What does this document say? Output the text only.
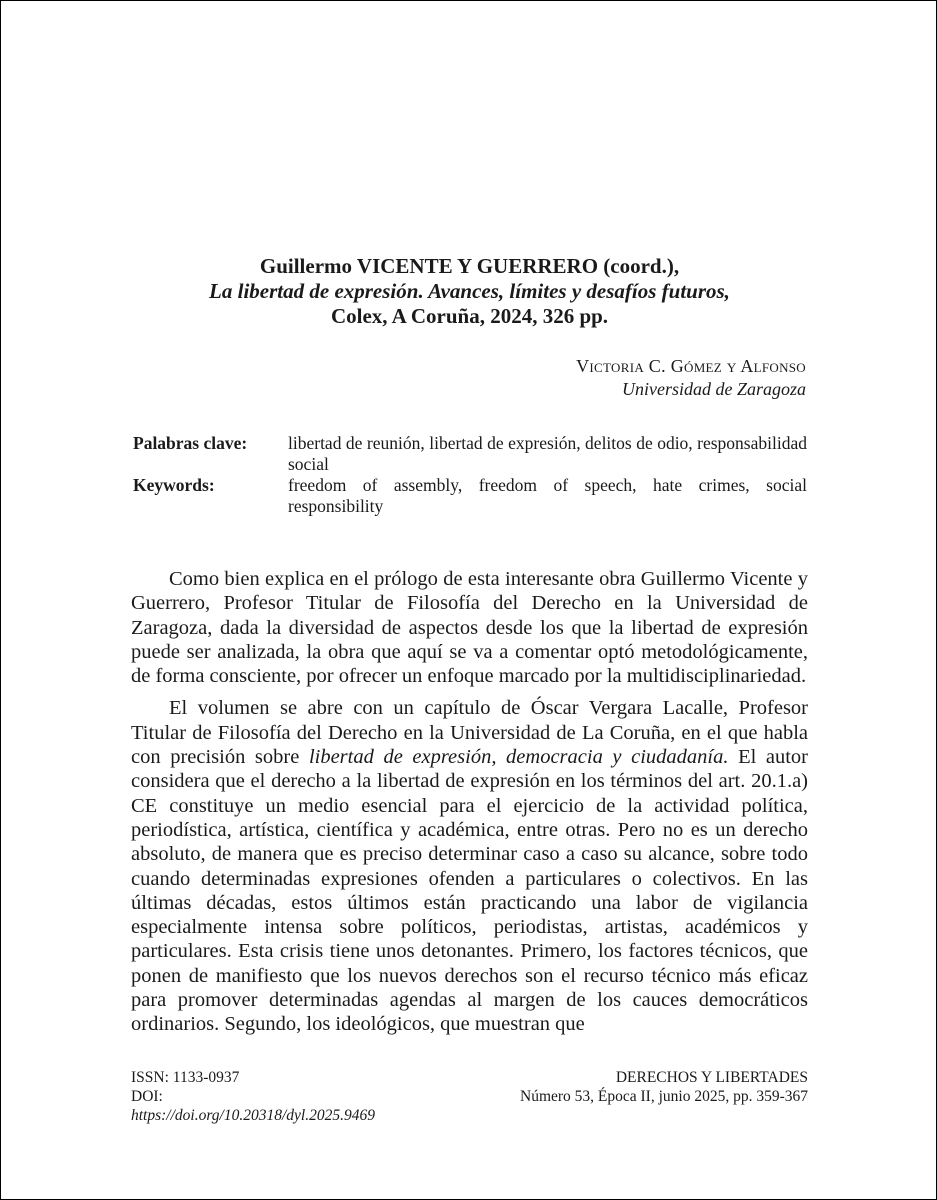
Guillermo VICENTE Y GUERRERO (coord.),
La libertad de expresión. Avances, límites y desafíos futuros,
Colex, A Coruña, 2024, 326 pp.
Victoria C. Gómez y Alfonso
Universidad de Zaragoza
Palabras clave: libertad de reunión, libertad de expresión, delitos de odio, responsabilidad social
Keywords:	freedom of assembly, freedom of speech, hate crimes, social responsibility

Como bien explica en el prólogo de esta interesante obra Guillermo Vicente y Guerrero, Profesor Titular de Filosofía del Derecho en la Universidad de Zaragoza, dada la diversidad de aspectos desde los que la libertad de expresión puede ser analizada, la obra que aquí se va a comentar optó metodológicamente, de forma consciente, por ofrecer un enfoque marcado por la multidisciplinariedad.

El volumen se abre con un capítulo de Óscar Vergara Lacalle, Profesor Titular de Filosofía del Derecho en la Universidad de La Coruña, en el que habla con precisión sobre libertad de expresión, democracia y ciudadanía. El autor considera que el derecho a la libertad de expresión en los términos del art. 20.1.a) CE constituye un medio esencial para el ejercicio de la actividad política, periodística, artística, científica y académica, entre otras. Pero no es un derecho absoluto, de manera que es preciso determinar caso a caso su alcance, sobre todo cuando determinadas expresiones ofenden a particulares o colectivos. En las últimas décadas, estos últimos están practicando una labor de vigilancia especialmente intensa sobre políticos, periodistas, artistas, académicos y particulares. Esta crisis tiene unos detonantes. Primero, los factores técnicos, que ponen de manifiesto que los nuevos derechos son el recurso técnico más eficaz para promover determinadas agendas al margen de los cauces democráticos ordinarios. Segundo, los ideológicos, que muestran que

ISSN: 1133-0937
DOI:
https://doi.org/10.20318/dyl.2025.9469
DERECHOS Y LIBERTADES
Número 53, Época II, junio 2025, pp. 359-367
